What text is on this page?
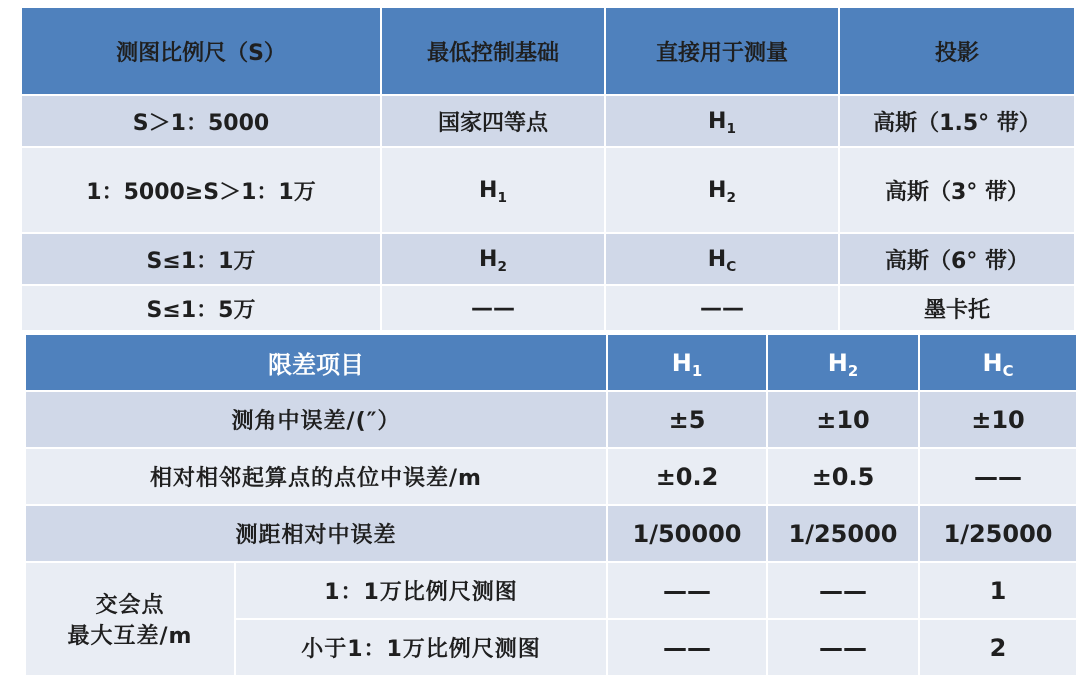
测图比例尺（S）	最低控制基础	直接用于测量	投影
S＞1：5000	国家四等点	$H_1$	高斯（1.5° 带）
1：5000≥S＞1：1万	$H_1$	$H_2$	高斯（3° 带）
S≤1：1万	$H_2$	$H_C$	高斯（6° 带）
S≤1：5万	——	——	墨卡托
限差项目		$H_1$	$H_2$	$H_C$
测角中误差/(″）		±5	±10	±10
相对相邻起算点的点位中误差/m		±0.2	±0.5	——
测距相对中误差		1/50000	1/25000	1/25000

交会点
最大互差/m	1：1万比例尺测图	——	——	1
	小于1：1万比例尺测图	——	——	2
